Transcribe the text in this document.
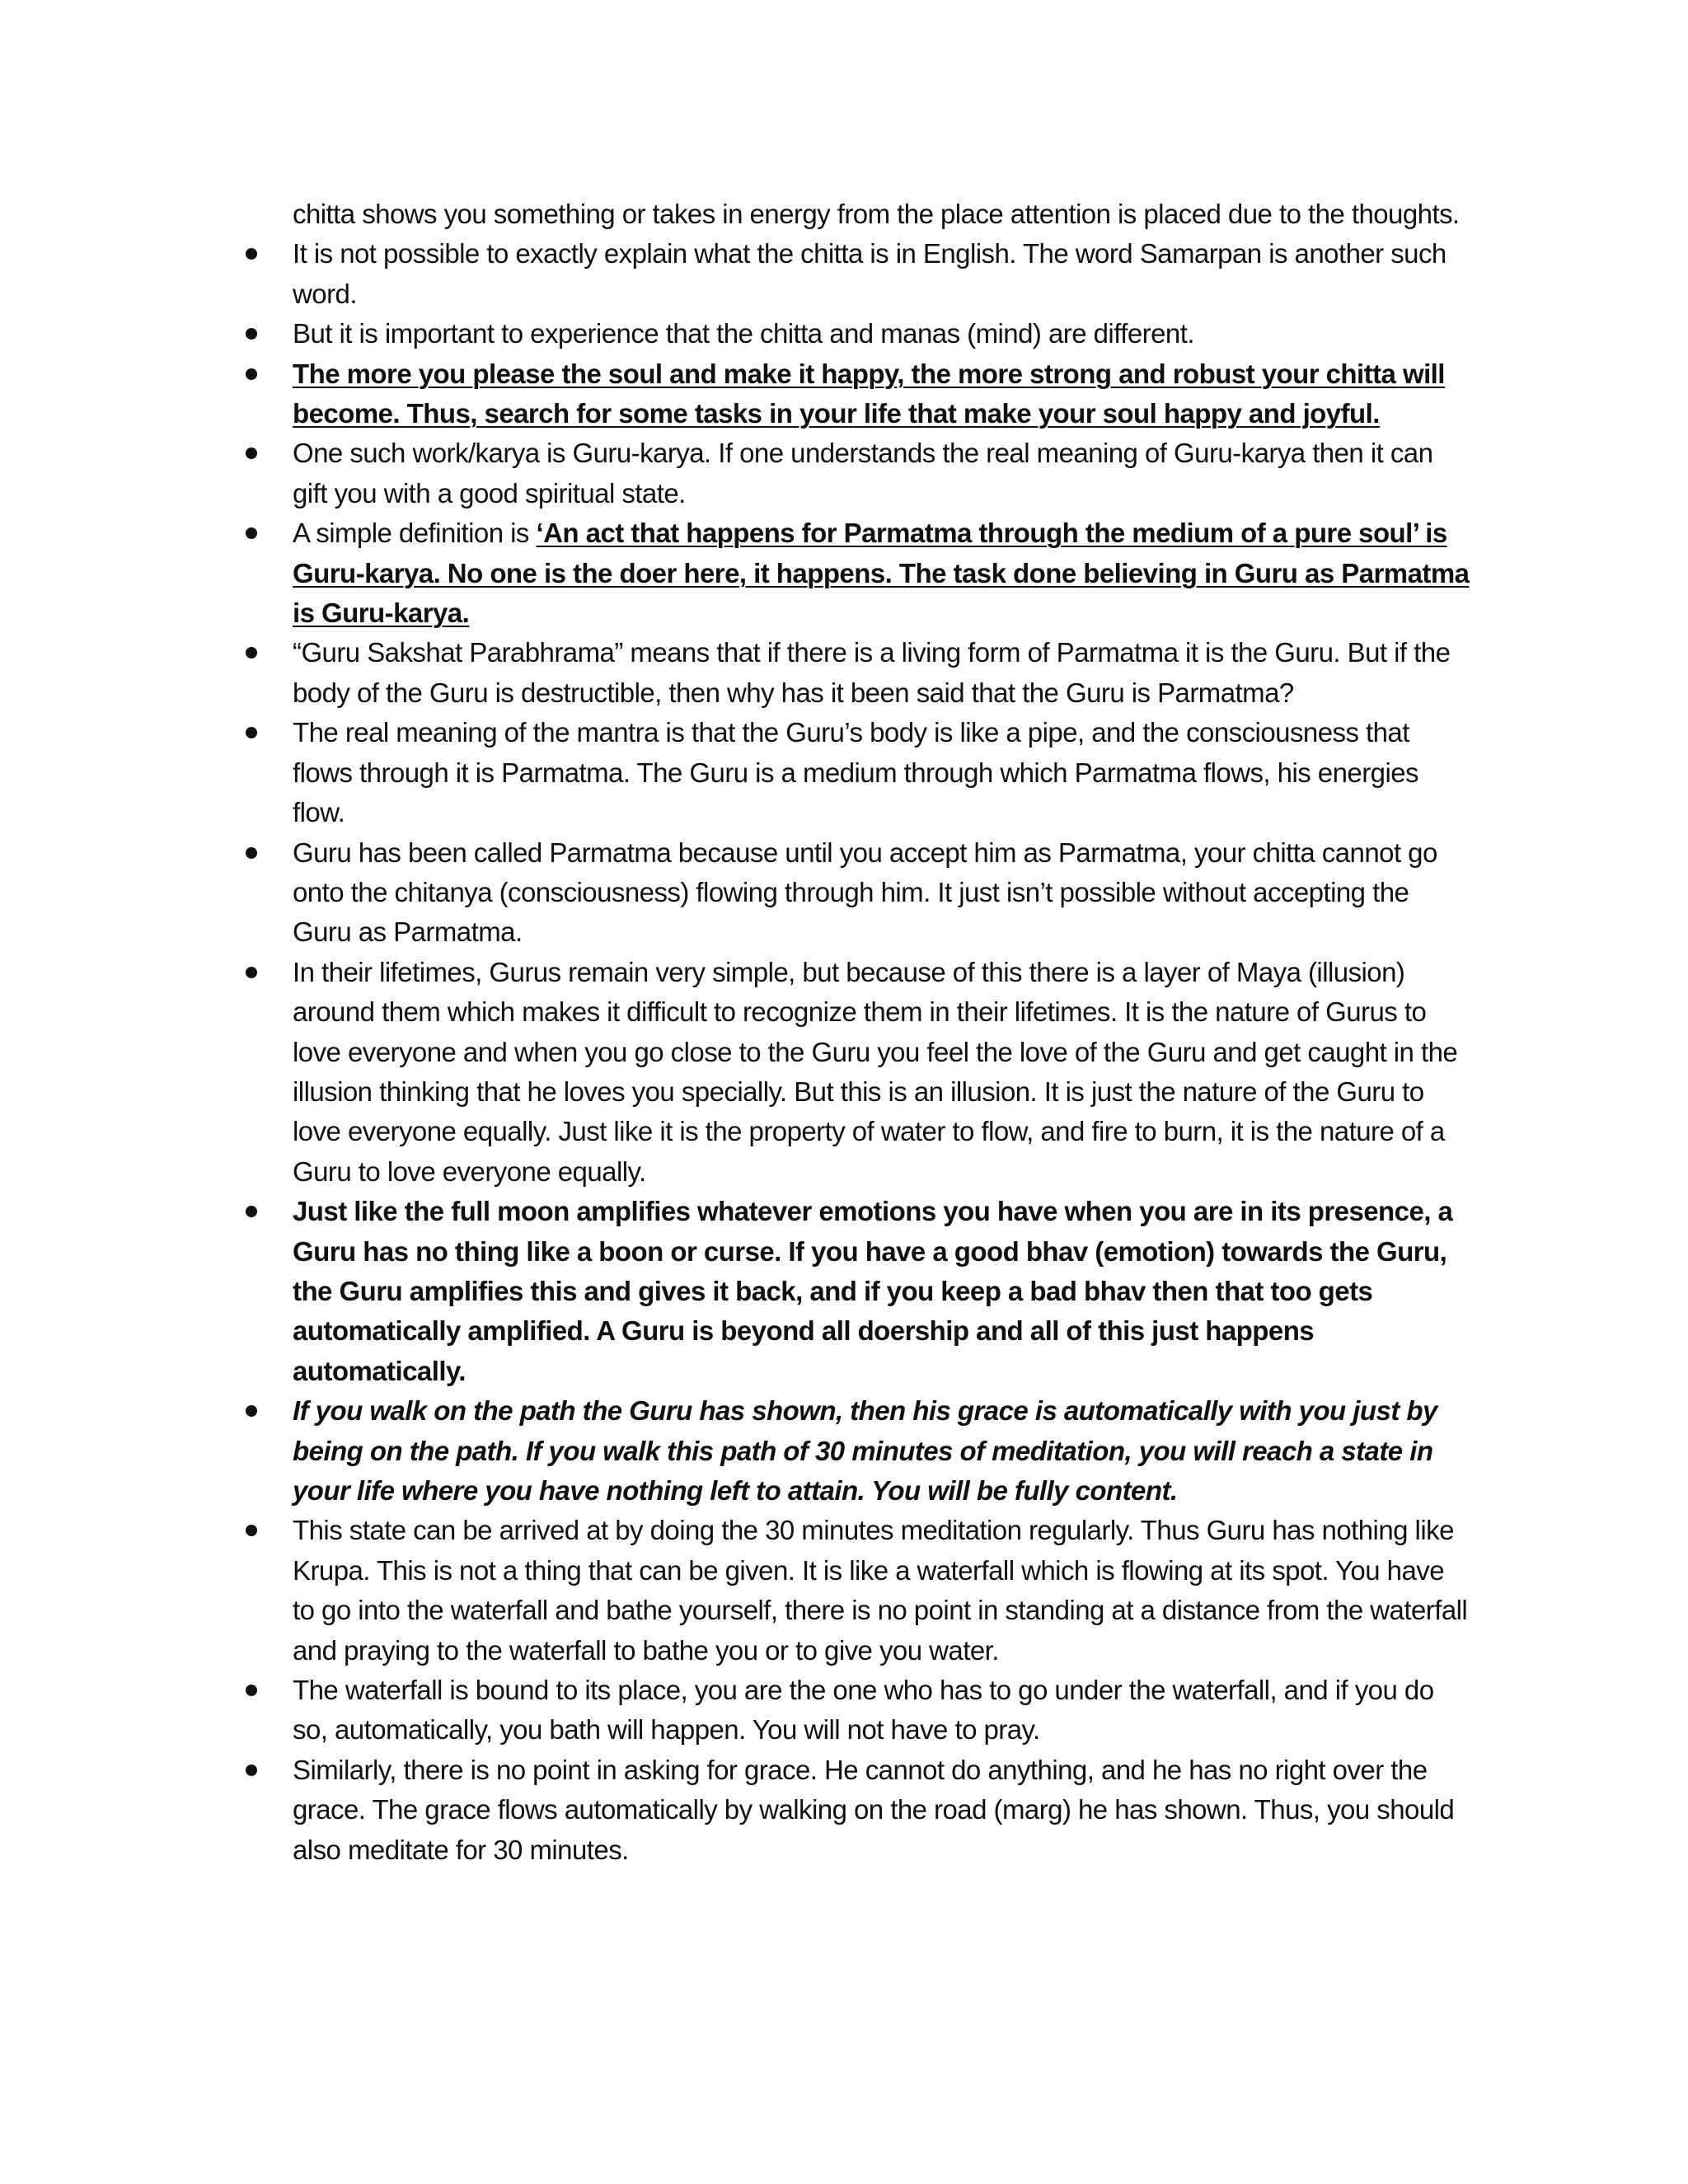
chitta shows you something or takes in energy from the place attention is placed due to the thoughts.

It is not possible to exactly explain what the chitta is in English. The word Samarpan is another such word.
But it is important to experience that the chitta and manas (mind) are different.
The more you please the soul and make it happy, the more strong and robust your chitta will become. Thus, search for some tasks in your life that make your soul happy and joyful.
One such work/karya is Guru-karya. If one understands the real meaning of Guru-karya then it can gift you with a good spiritual state.
A simple definition is ‘An act that happens for Parmatma through the medium of a pure soul’ is Guru-karya. No one is the doer here, it happens. The task done believing in Guru as Parmatma is Guru-karya.
“Guru Sakshat Parabhrama” means that if there is a living form of Parmatma it is the Guru. But if the body of the Guru is destructible, then why has it been said that the Guru is Parmatma?
The real meaning of the mantra is that the Guru’s body is like a pipe, and the consciousness that flows through it is Parmatma. The Guru is a medium through which Parmatma flows, his energies flow.
Guru has been called Parmatma because until you accept him as Parmatma, your chitta cannot go onto the chitanya (consciousness) flowing through him. It just isn’t possible without accepting the Guru as Parmatma.
In their lifetimes, Gurus remain very simple, but because of this there is a layer of Maya (illusion) around them which makes it difficult to recognize them in their lifetimes. It is the nature of Gurus to love everyone and when you go close to the Guru you feel the love of the Guru and get caught in the illusion thinking that he loves you specially. But this is an illusion. It is just the nature of the Guru to love everyone equally. Just like it is the property of water to flow, and fire to burn, it is the nature of a Guru to love everyone equally.
Just like the full moon amplifies whatever emotions you have when you are in its presence, a Guru has no thing like a boon or curse. If you have a good bhav (emotion) towards the Guru, the Guru amplifies this and gives it back, and if you keep a bad bhav then that too gets automatically amplified. A Guru is beyond all doership and all of this just happens automatically.
If you walk on the path the Guru has shown, then his grace is automatically with you just by being on the path. If you walk this path of 30 minutes of meditation, you will reach a state in your life where you have nothing left to attain. You will be fully content.
This state can be arrived at by doing the 30 minutes meditation regularly. Thus Guru has nothing like Krupa. This is not a thing that can be given. It is like a waterfall which is flowing at its spot. You have to go into the waterfall and bathe yourself, there is no point in standing at a distance from the waterfall and praying to the waterfall to bathe you or to give you water.
The waterfall is bound to its place, you are the one who has to go under the waterfall, and if you do so, automatically, you bath will happen. You will not have to pray.
Similarly, there is no point in asking for grace. He cannot do anything, and he has no right over the grace. The grace flows automatically by walking on the road (marg) he has shown. Thus, you should also meditate for 30 minutes.
